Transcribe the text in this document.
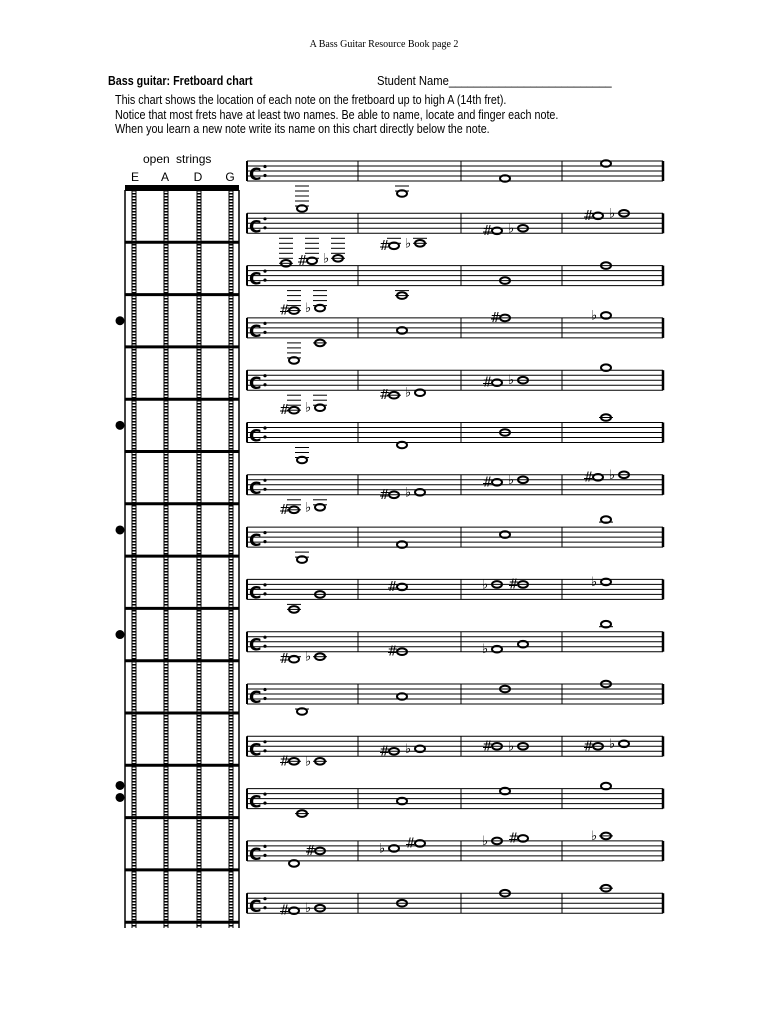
A Bass Guitar Resource Book page 2
Bass guitar: Fretboard chart	Student Name__________________________
This chart shows the location of each note on the fretboard up to high A (14th fret).
Notice that most frets have at least two names. Be able to name, locate and finger each note.
When you learn a new note write its name on this chart directly below the note.
open strings
E A D G C
C
# ♭
# ♭
# ♭
# ♭
C
# ♭
C
#	♭
C
# ♭
# ♭
# ♭
C
C
# ♭
# ♭
# ♭	# ♭
C
C	#	♭ #	♭
C
# ♭	#	♭
C
C
# ♭
# ♭	# ♭	# ♭
C
C	#	♭ #	♭ #	♭
C # ♭
